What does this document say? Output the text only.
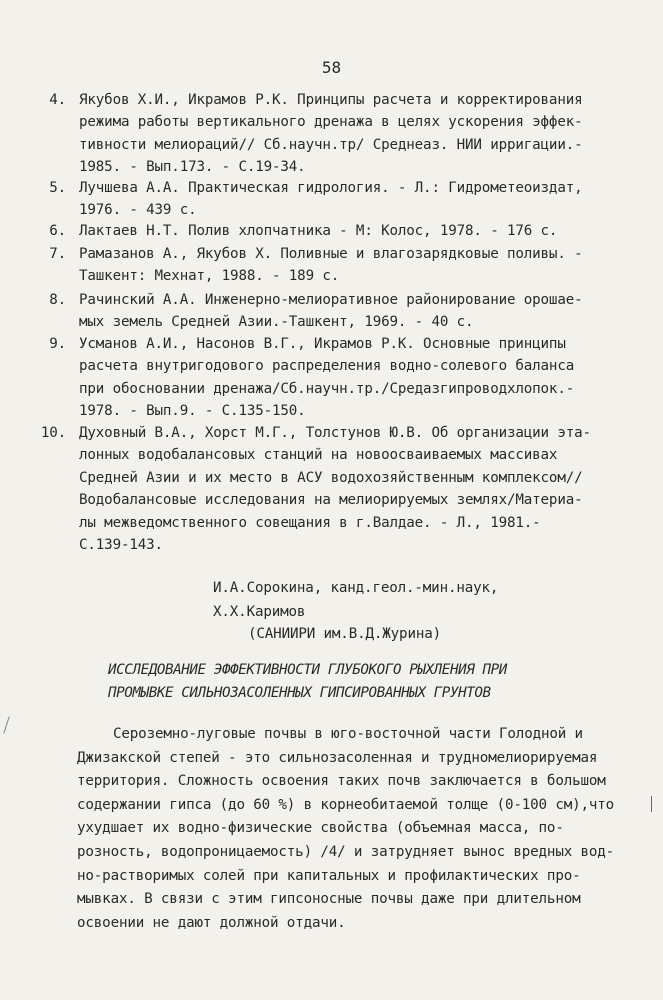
58
4. Якубов Х.И., Икрамов Р.К. Принципы расчета и корректирования
режима работы вертикального дренажа в целях ускорения эффек-
тивности мелиораций// Сб.научн.тр/ Среднеаз. НИИ ирригации.-
1985. - Вып.173. - С.19-34.
5. Лучшева А.А. Практическая гидрология. - Л.: Гидрометеоиздат,
1976. - 439 с.
6. Лактаев Н.Т. Полив хлопчатника - М: Колос, 1978. - 176 с.
7. Рамазанов А., Якубов Х. Поливные и влагозарядковые поливы. -
Ташкент: Мехнат, 1988. - 189 с.
8. Рачинский А.А. Инженерно-мелиоративное районирование орошае-
мых земель Средней Азии.-Ташкент, 1969. - 40 с.
9. Усманов А.И., Насонов В.Г., Икрамов Р.К. Основные принципы
расчета внутригодового распределения водно-солевого баланса
при обосновании дренажа/Сб.научн.тр./Средазгипроводхлопок.-
1978. - Вып.9. - С.135-150.
10. Духовный В.А., Хорст М.Г., Толстунов Ю.В. Об организации эта-
лонных водобалансовых станций на новоосваиваемых массивах
Средней Азии и их место в АСУ водохозяйственным комплексом//
Водобалансовые исследования на мелиорируемых землях/Материа-
лы межведомственного совещания в г.Валдае. - Л., 1981.-
С.139-143.
И.А.Сорокина, канд.геол.-мин.наук,
Х.Х.Каримов
(САНИИРИ им.В.Д.Журина)
ИССЛЕДОВАНИЕ ЭФФЕКТИВНОСТИ ГЛУБОКОГО РЫХЛЕНИЯ ПРИ
ПРОМЫВКЕ СИЛЬНОЗАСОЛЕННЫХ ГИПСИРОВАННЫХ ГРУНТОВ
Сероземно-луговые почвы в юго-восточной части Голодной и
Джизакской степей - это сильнозасоленная и трудномелиорируемая
территория. Сложность освоения таких почв заключается в большом
содержании гипса (до 60 %) в корнеобитаемой толще (0-100 см),что
ухудшает их водно-физические свойства (объемная масса, по-
розность, водопроницаемость) /4/ и затрудняет вынос вредных вод-
но-растворимых солей при капитальных и профилактических про-
мывках. В связи с этим гипсоносные почвы даже при длительном
освоении не дают должной отдачи.
